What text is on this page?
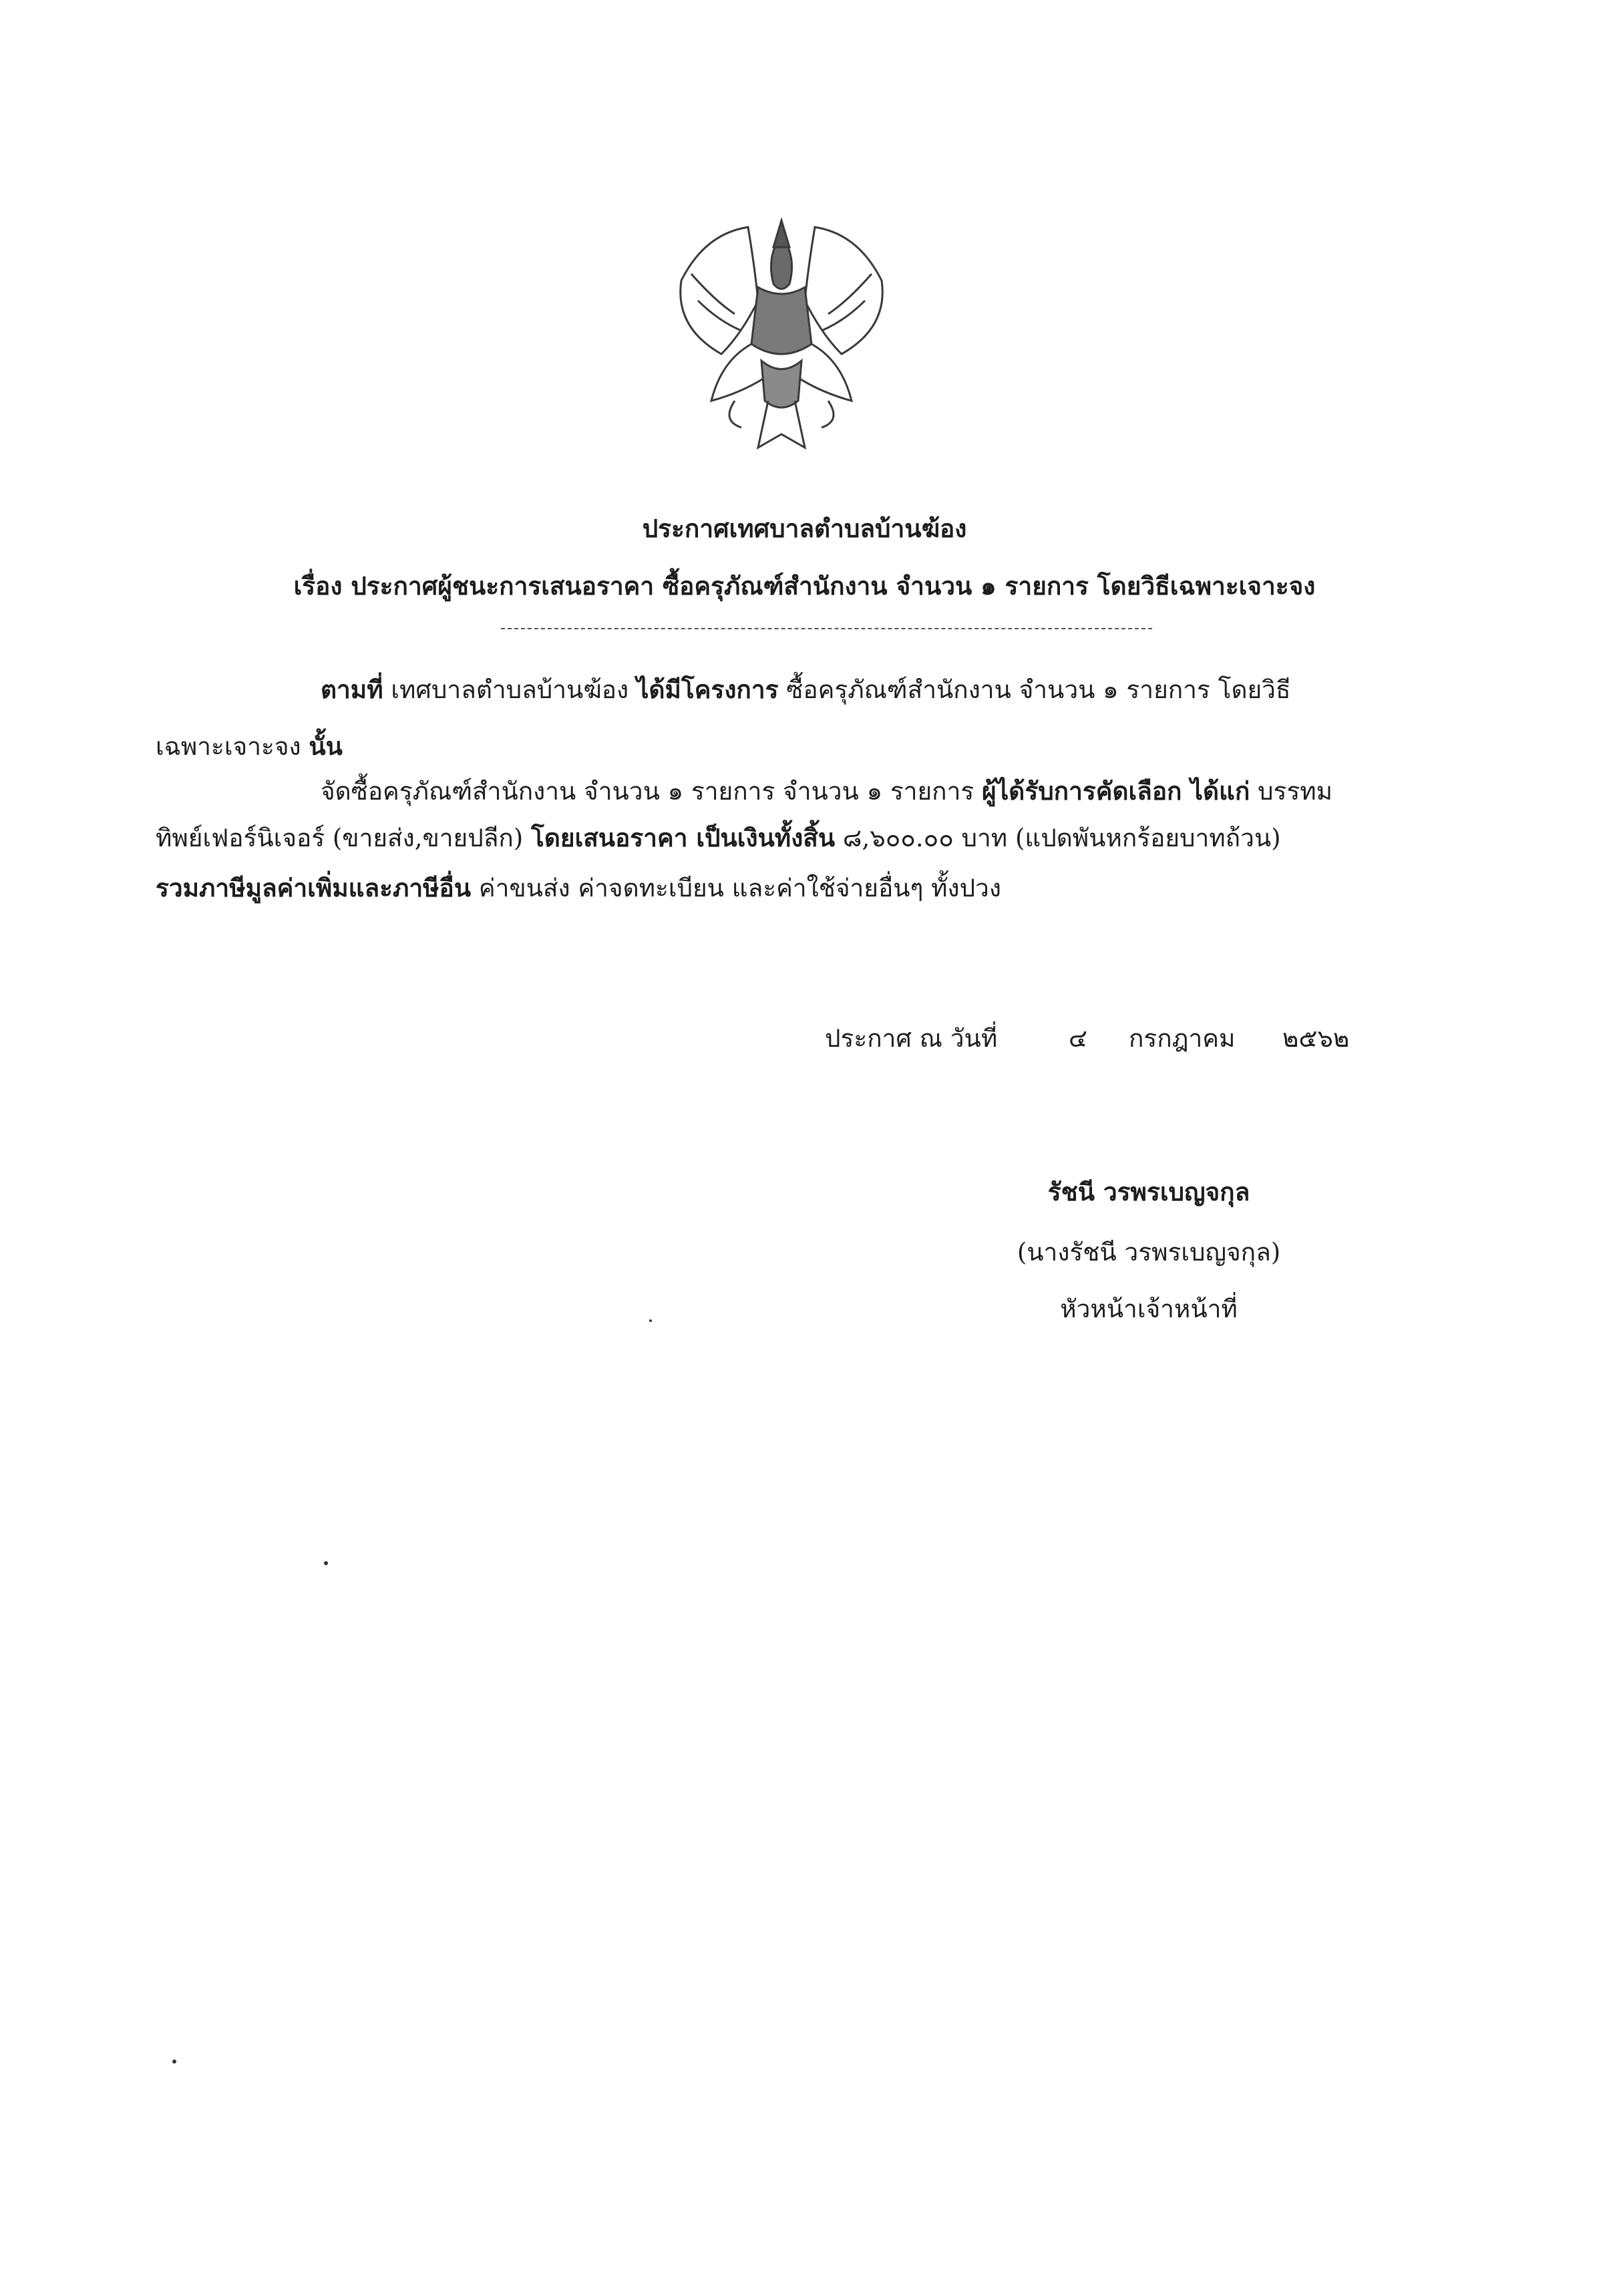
ประกาศเทศบาลตำบลบ้านฆ้อง
เรื่อง ประกาศผู้ชนะการเสนอราคา ซื้อครุภัณฑ์สำนักงาน จำนวน ๑ รายการ โดยวิธีเฉพาะเจาะจง
ตามที่ เทศบาลตำบลบ้านฆ้อง ได้มีโครงการ ซื้อครุภัณฑ์สำนักงาน จำนวน ๑ รายการ โดยวิธี
เฉพาะเจาะจง นั้น
จัดซื้อครุภัณฑ์สำนักงาน จำนวน ๑ รายการ จำนวน ๑ รายการ ผู้ได้รับการคัดเลือก ได้แก่ บรรทม
ทิพย์เฟอร์นิเจอร์ (ขายส่ง,ขายปลีก) โดยเสนอราคา เป็นเงินทั้งสิ้น ๘,๖๐๐.๐๐ บาท (แปดพันหกร้อยบาทถ้วน)
รวมภาษีมูลค่าเพิ่มและภาษีอื่น ค่าขนส่ง ค่าจดทะเบียน และค่าใช้จ่ายอื่นๆ ทั้งปวง
ประกาศ ณ วันที่	๔ กรกฎาคม ๒๕๖๒
รัชนี วรพรเบญจกุล
(นางรัชนี วรพรเบญจกุล)
หัวหน้าเจ้าหน้าที่
